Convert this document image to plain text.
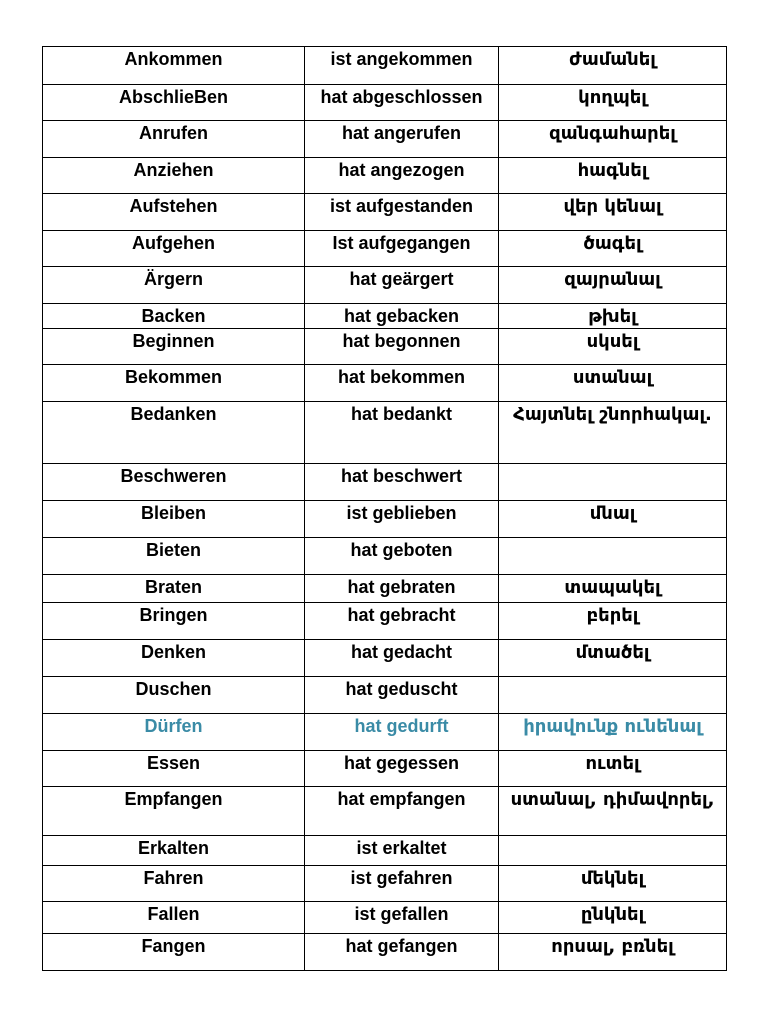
Ankommen	ist angekommen	ժամանել
AbschlieBen	hat abgeschlossen	կողպել
Anrufen	hat angerufen	զանգահարել
Anziehen	hat angezogen	հագնել
Aufstehen	ist aufgestanden	վեր կենալ
Aufgehen	Ist aufgegangen	ծագել
Ärgern	hat geärgert	զայրանալ
Backen	hat gebacken	թխել
Beginnen	hat begonnen	սկսել
Bekommen	hat bekommen	ստանալ
Bedanken	hat bedankt	Հայտնել շնորհակալ.
Beschweren	hat beschwert	
Bleiben	ist geblieben	մնալ
Bieten	hat geboten	
Braten	hat gebraten	տապակել
Bringen	hat gebracht	բերել
Denken	hat gedacht	մտածել
Duschen	hat geduscht	
Dürfen	hat gedurft	իրավունք ունենալ
Essen	hat gegessen	ուտել
Empfangen	hat empfangen	ստանալ, դիմավորել,
Erkalten	ist erkaltet	
Fahren	ist gefahren	մեկնել
Fallen	ist gefallen	ընկնել
Fangen	hat gefangen	որսալ, բռնել
